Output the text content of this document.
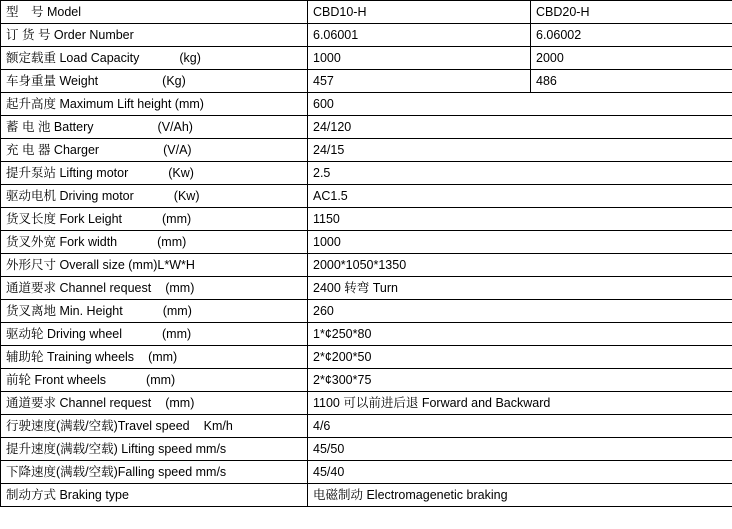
型　号 Model	CBD10-H	CBD20-H
订 货 号 Order Number	6.06001	6.06002
额定载重 Load Capacity (kg)	1000	2000
车身重量 Weight (Kg)	457	486
起升高度 Maximum Lift height (mm)	600	
蓄 电 池 Battery (V/Ah)	24/120	
充 电 器 Charger (V/A)	24/15	
提升泵站 Lifting motor (Kw)	2.5	
驱动电机 Driving motor (Kw)	AC1.5	
货叉长度 Fork Leight (mm)	1150	
货叉外宽 Fork width (mm)	1000	
外形尺寸 Overall size (mm)L*W*H	2000*1050*1350	
通道要求 Channel request (mm)	2400 转弯 Turn	
货叉离地 Min. Height (mm)	260	
驱动轮 Driving wheel (mm)	1*¢250*80	
辅助轮 Training wheels (mm)	2*¢200*50	
前轮 Front wheels (mm)	2*¢300*75	
通道要求 Channel request (mm)	1100 可以前进后退 Forward and Backward	
行驶速度(满载/空载)Travel speed Km/h	4/6	
提升速度(满载/空载) Lifting speed mm/s	45/50	
下降速度(满载/空载)Falling speed mm/s	45/40	
制动方式 Braking type	电磁制动 Electromagenetic braking	
